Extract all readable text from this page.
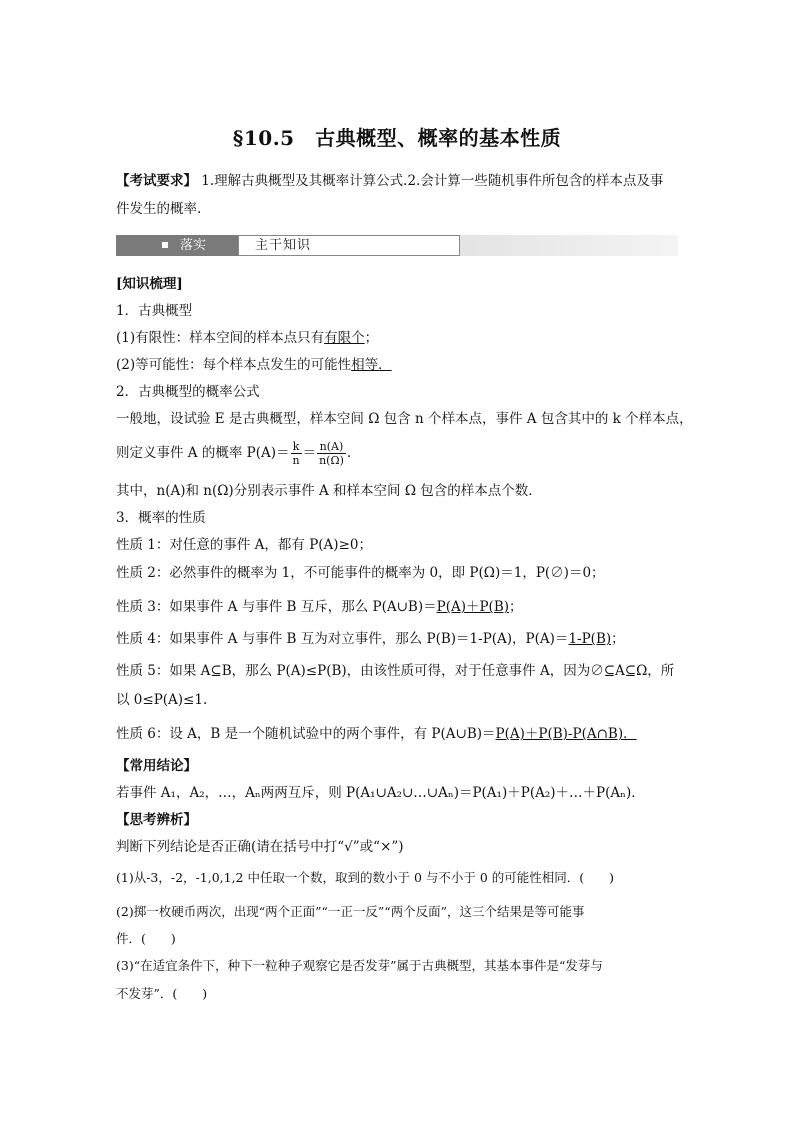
§10.5　古典概型、概率的基本性质
【考试要求】 1.理解古典概型及其概率计算公式.2.会计算一些随机事件所包含的样本点及事
件发生的概率.
落实	主干知识
[知识梳理]
1．古典概型
(1)有限性：样本空间的样本点只有有限个；
(2)等可能性：每个样本点发生的可能性相等．
2．古典概型的概率公式
一般地，设试验 E 是古典概型，样本空间 Ω 包含 n 个样本点，事件 A 包含其中的 k 个样本点，
则定义事件 A 的概率 $P(A)= \frac{k}{n} = \frac{n(A)}{n(\Omega)}$ .
其中，n(A)和 n(Ω)分别表示事件 A 和样本空间 Ω 包含的样本点个数．
3．概率的性质
性质 1：对任意的事件 A，都有 P(A)≥0；
性质 2：必然事件的概率为 1，不可能事件的概率为 0，即 P(Ω)＝1，P(∅)＝0；
性质 3：如果事件 A 与事件 B 互斥，那么 P(A∪B)＝P(A)＋P(B)；
性质 4：如果事件 A 与事件 B 互为对立事件，那么 P(B)＝1-P(A)，P(A)＝1-P(B)；
性质 5：如果 A⊆B，那么 P(A)≤P(B)，由该性质可得，对于任意事件 A，因为∅⊆A⊆Ω，所
以 0≤P(A)≤1.
性质 6：设 A，B 是一个随机试验中的两个事件，有 P(A∪B)＝P(A)＋P(B)-P(A∩B)．
【常用结论】
若事件 A₁，A₂，…，Aₙ两两互斥，则 P(A₁∪A₂∪…∪Aₙ)＝P(A₁)＋P(A₂)＋…＋P(Aₙ)．
【思考辨析】
判断下列结论是否正确(请在括号中打“√”或“×”)
(1)从-3，-2，-1,0,1,2 中任取一个数，取到的数小于 0 与不小于 0 的可能性相同．(　　)
(2)掷一枚硬币两次，出现“两个正面”“一正一反”“两个反面”，这三个结果是等可能事
件．(　　)
(3)“在适宜条件下，种下一粒种子观察它是否发芽”属于古典概型，其基本事件是“发芽与
不发芽”．(　　)
